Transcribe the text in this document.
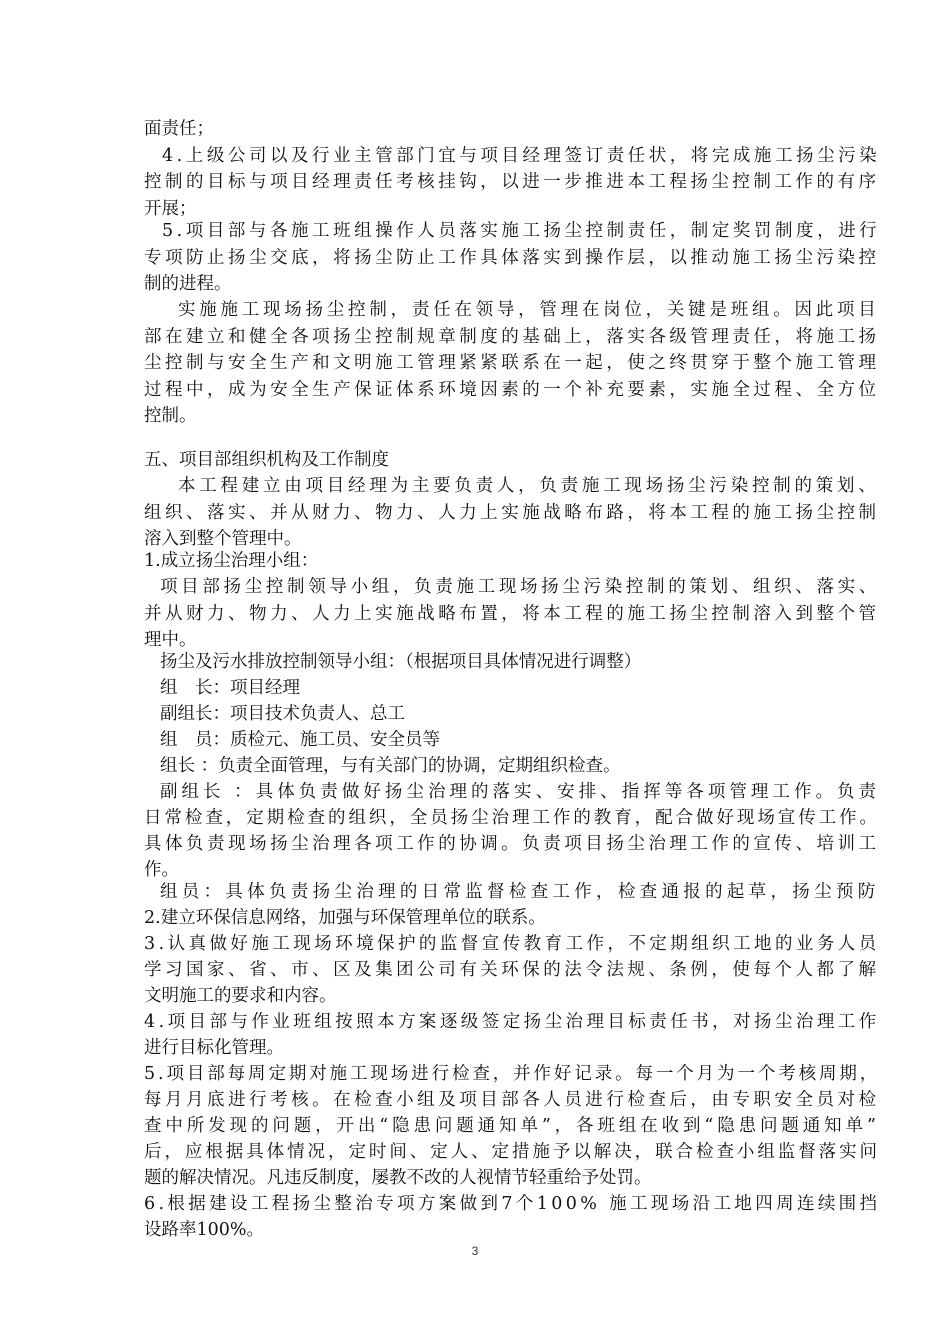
面责任；
4.上级公司以及行业主管部门宜与项目经理签订责任状，将完成施工扬尘污染
控制的目标与项目经理责任考核挂钩，以进一步推进本工程扬尘控制工作的有序
开展；
5.项目部与各施工班组操作人员落实施工扬尘控制责任，制定奖罚制度，进行
专项防止扬尘交底，将扬尘防止工作具体落实到操作层，以推动施工扬尘污染控
制的进程。
实施施工现场扬尘控制，责任在领导，管理在岗位，关键是班组。因此项目
部在建立和健全各项扬尘控制规章制度的基础上，落实各级管理责任，将施工扬
尘控制与安全生产和文明施工管理紧紧联系在一起，使之终贯穿于整个施工管理
过程中，成为安全生产保证体系环境因素的一个补充要素，实施全过程、全方位
控制。
五、项目部组织机构及工作制度
本工程建立由项目经理为主要负责人，负责施工现场扬尘污染控制的策划、
组织、落实、并从财力、物力、人力上实施战略布路，将本工程的施工扬尘控制
溶入到整个管理中。
1.成立扬尘治理小组：
项目部扬尘控制领导小组，负责施工现场扬尘污染控制的策划、组织、落实、
并从财力、物力、人力上实施战略布置，将本工程的施工扬尘控制溶入到整个管
理中。
扬尘及污水排放控制领导小组：（根据项目具体情况进行调整）
组　长：项目经理
副组长：项目技术负责人、总工
组　员：质检元、施工员、安全员等
组长 ：负责全面管理，与有关部门的协调，定期组织检查。
副组长 ：具体负责做好扬尘治理的落实、安排、指挥等各项管理工作。负责
日常检查，定期检查的组织，全员扬尘治理工作的教育，配合做好现场宣传工作。
具体负责现场扬尘治理各项工作的协调。负责项目扬尘治理工作的宣传、培训工
作。
组员：具体负责扬尘治理的日常监督检查工作，检查通报的起草，扬尘预防
2.建立环保信息网络，加强与环保管理单位的联系。
3.认真做好施工现场环境保护的监督宣传教育工作，不定期组织工地的业务人员
学习国家、省、市、区及集团公司有关环保的法令法规、条例，使每个人都了解
文明施工的要求和内容。
4.项目部与作业班组按照本方案逐级签定扬尘治理目标责任书，对扬尘治理工作
进行目标化管理。
5.项目部每周定期对施工现场进行检查，并作好记录。每一个月为一个考核周期，
每月月底进行考核。在检查小组及项目部各人员进行检查后，由专职安全员对检
查中所发现的问题，开出“隐患问题通知单”，各班组在收到“隐患问题通知单”
后，应根据具体情况，定时间、定人、定措施予以解决，联合检查小组监督落实问
题的解决情况。凡违反制度，屡教不改的人视情节轻重给予处罚。
6.根据建设工程扬尘整治专项方案做到7个100% 施工现场沿工地四周连续围挡
设路率100%。
3
